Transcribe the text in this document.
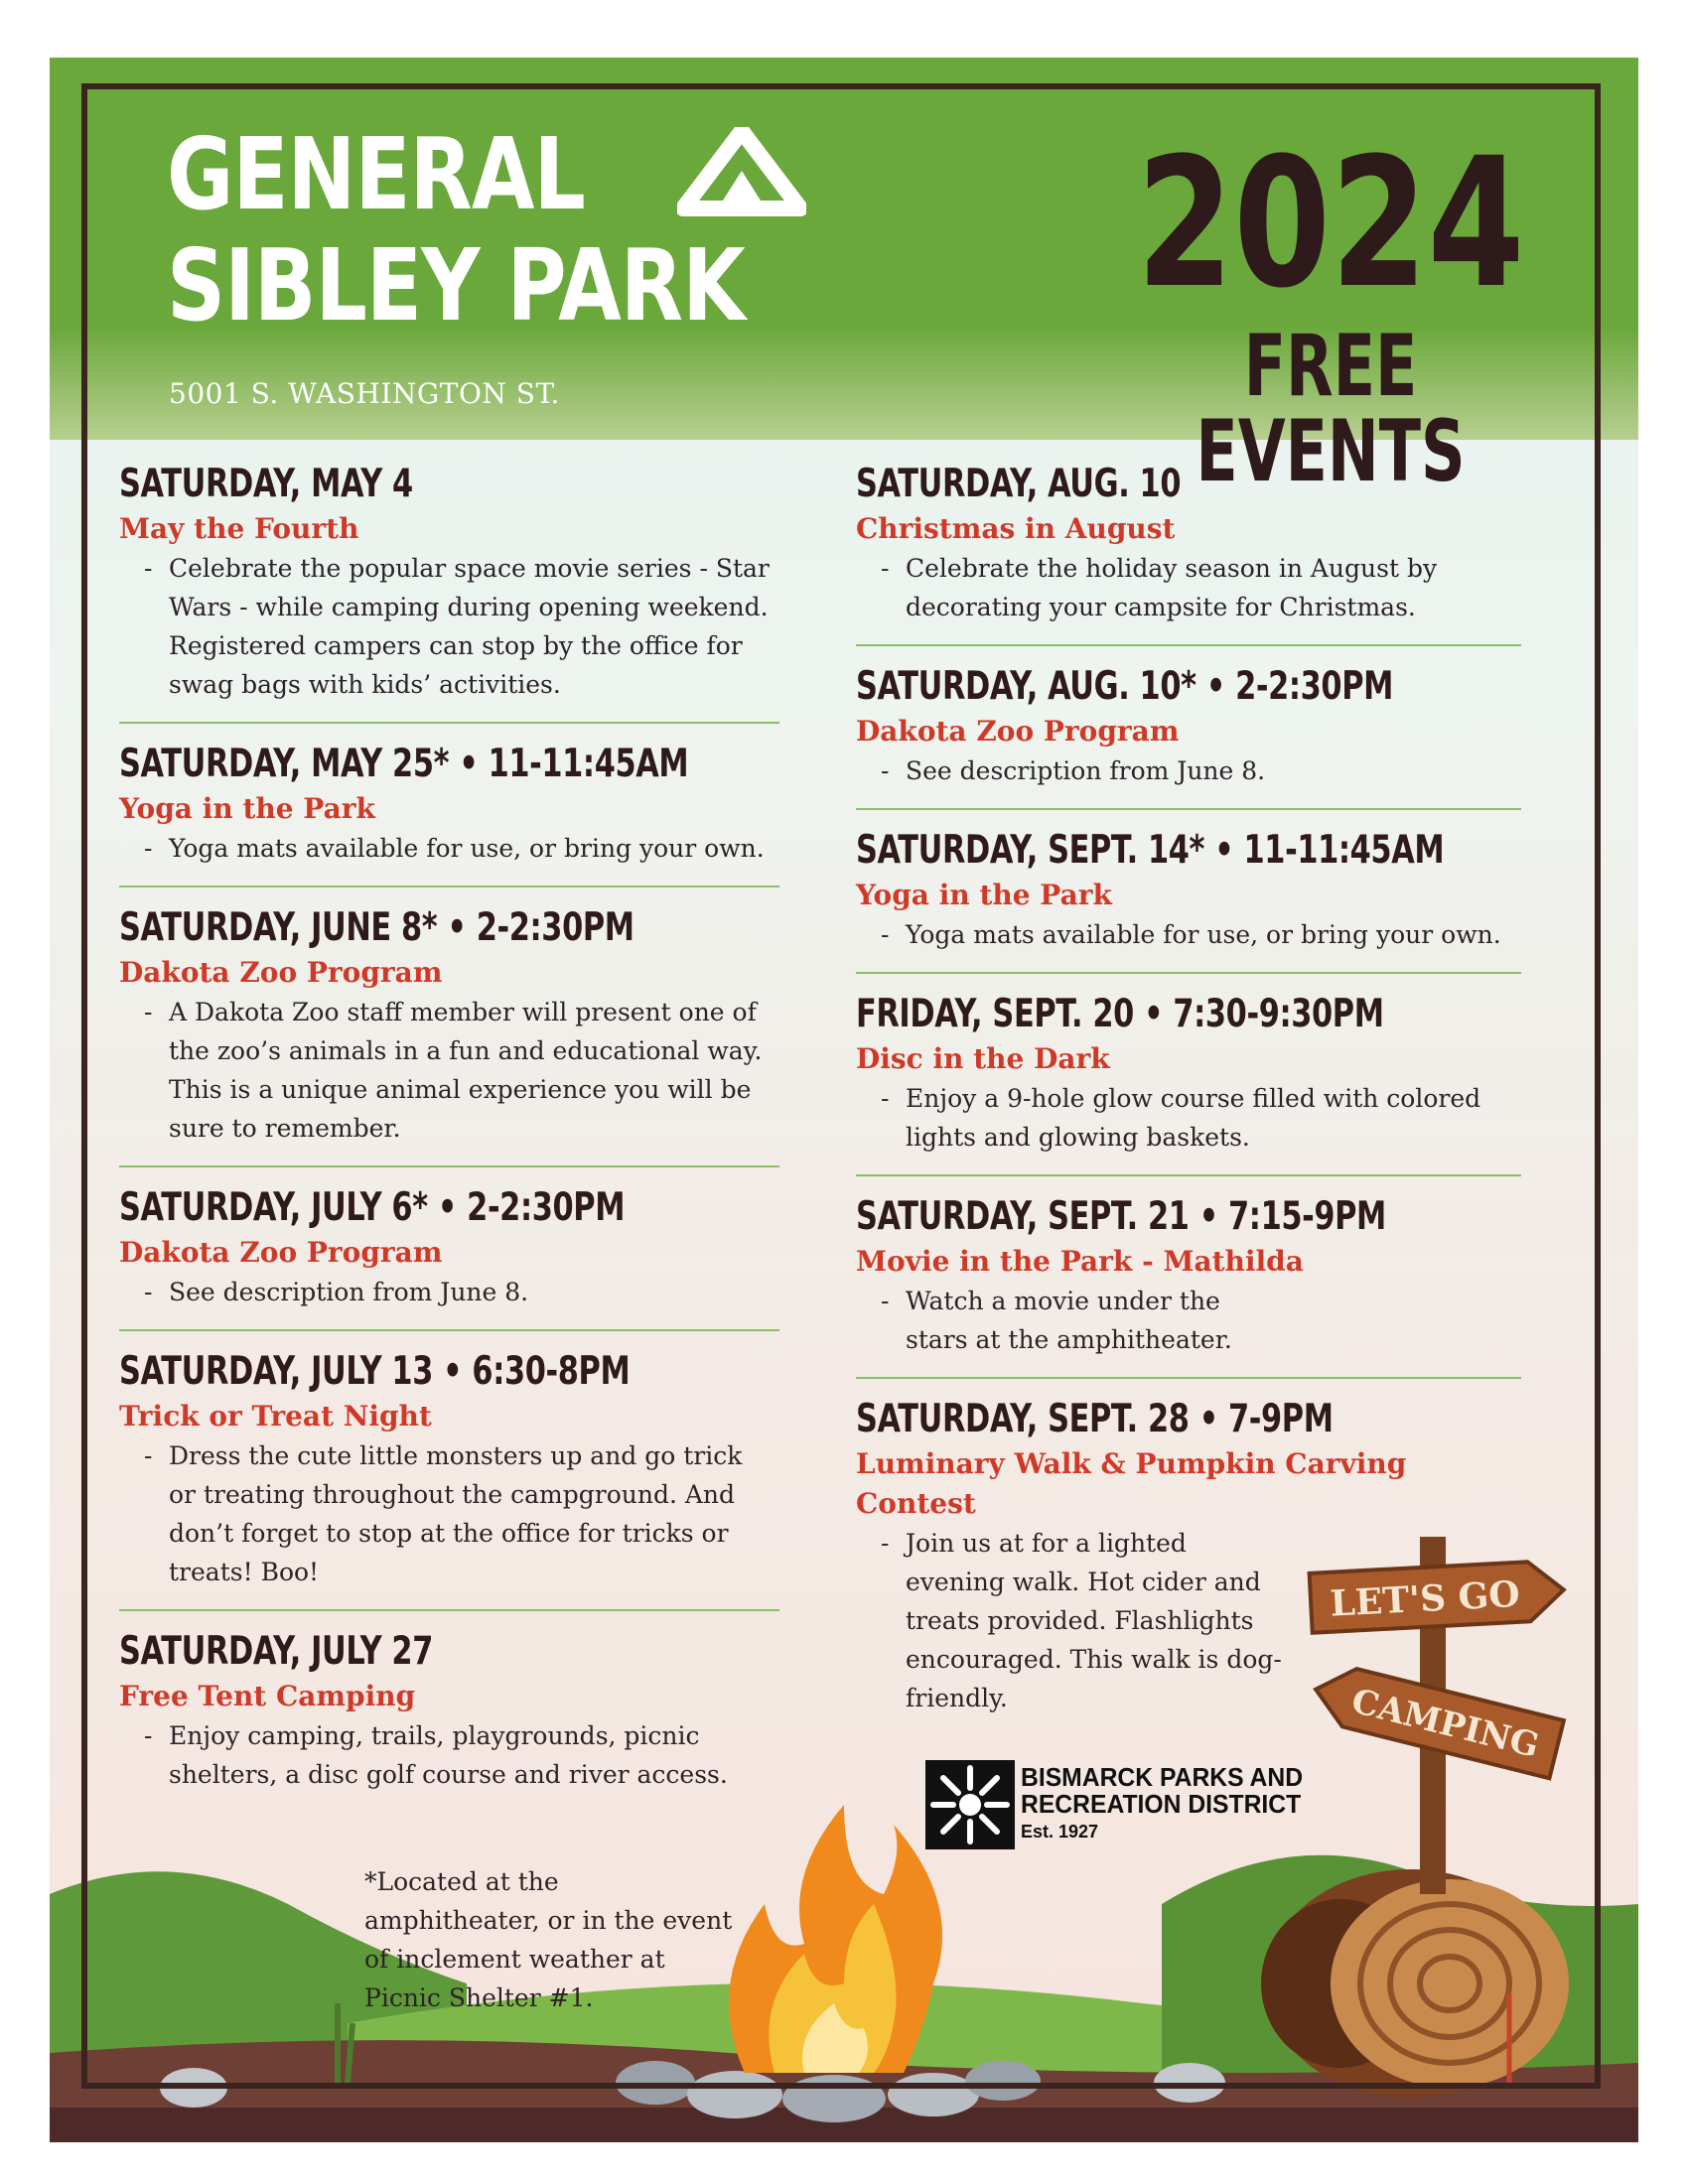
GENERAL
SIBLEY PARK
5001 S. WASHINGTON ST.
2024
FREE EVENTS
SATURDAY, MAY 4
May the Fourth
- Celebrate the popular space movie series - Star Wars - while camping during opening weekend. Registered campers can stop by the office for swag bags with kids’ activities.
SATURDAY, MAY 25* • 11-11:45AM
Yoga in the Park
- Yoga mats available for use, or bring your own.
SATURDAY, JUNE 8* • 2-2:30PM
Dakota Zoo Program
- A Dakota Zoo staff member will present one of the zoo’s animals in a fun and educational way. This is a unique animal experience you will be sure to remember.
SATURDAY, JULY 6* • 2-2:30PM
Dakota Zoo Program
- See description from June 8.
SATURDAY, JULY 13 • 6:30-8PM
Trick or Treat Night
- Dress the cute little monsters up and go trick or treating throughout the campground. And don’t forget to stop at the office for tricks or treats! Boo!
SATURDAY, JULY 27
Free Tent Camping
- Enjoy camping, trails, playgrounds, picnic shelters, a disc golf course and river access.
SATURDAY, AUG. 10
Christmas in August
- Celebrate the holiday season in August by decorating your campsite for Christmas.
SATURDAY, AUG. 10* • 2-2:30PM
Dakota Zoo Program
- See description from June 8.
SATURDAY, SEPT. 14* • 11-11:45AM
Yoga in the Park
- Yoga mats available for use, or bring your own.
FRIDAY, SEPT. 20 • 7:30-9:30PM
Disc in the Dark
- Enjoy a 9-hole glow course filled with colored lights and glowing baskets.
SATURDAY, SEPT. 21 • 7:15-9PM
Movie in the Park - Mathilda
- Watch a movie under the stars at the amphitheater.
SATURDAY, SEPT. 28 • 7-9PM
Luminary Walk & Pumpkin Carving Contest
- Join us at for a lighted evening walk. Hot cider and treats provided. Flashlights encouraged. This walk is dog-friendly.
*Located at the amphitheater, or in the event of inclement weather at Picnic Shelter #1.
LET'S GO
CAMPING
BISMARCK PARKS AND
RECREATION DISTRICT
Est. 1927
